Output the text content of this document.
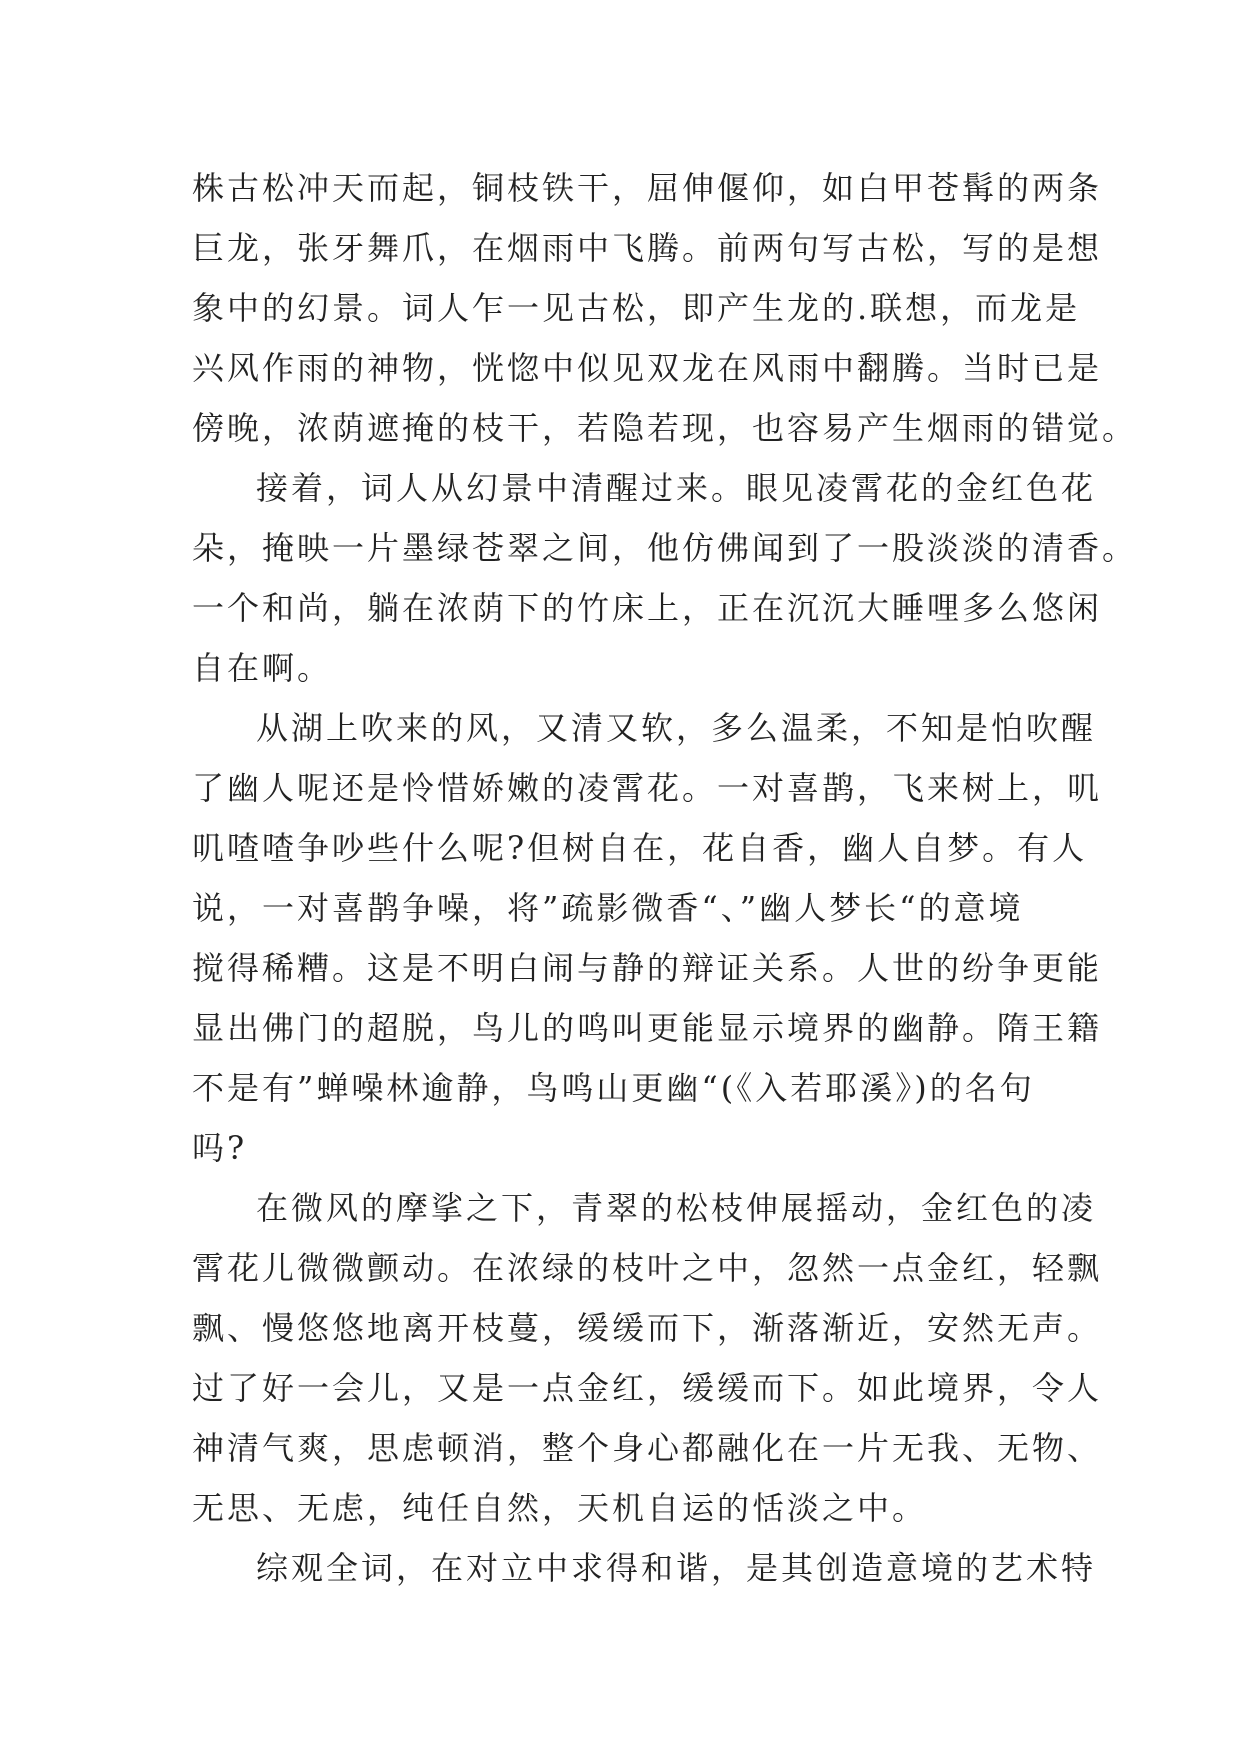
株古松冲天而起，铜枝铁干，屈伸偃仰，如白甲苍髯的两条
巨龙，张牙舞爪，在烟雨中飞腾。前两句写古松，写的是想
象中的幻景。词人乍一见古松，即产生龙的.联想，而龙是
兴风作雨的神物，恍惚中似见双龙在风雨中翻腾。当时已是
傍晚，浓荫遮掩的枝干，若隐若现，也容易产生烟雨的错觉。
接着，词人从幻景中清醒过来。眼见凌霄花的金红色花
朵，掩映一片墨绿苍翠之间，他仿佛闻到了一股淡淡的清香。
一个和尚，躺在浓荫下的竹床上，正在沉沉大睡哩多么悠闲
自在啊。
从湖上吹来的风，又清又软，多么温柔，不知是怕吹醒
了幽人呢还是怜惜娇嫩的凌霄花。一对喜鹊，飞来树上，叽
叽喳喳争吵些什么呢?但树自在，花自香，幽人自梦。有人
说，一对喜鹊争噪，将”疏影微香“、”幽人梦长“的意境
搅得稀糟。这是不明白闹与静的辩证关系。人世的纷争更能
显出佛门的超脱，鸟儿的鸣叫更能显示境界的幽静。隋王籍
不是有”蝉噪林逾静，鸟鸣山更幽“(《入若耶溪》)的名句
吗?
在微风的摩挲之下，青翠的松枝伸展摇动，金红色的凌
霄花儿微微颤动。在浓绿的枝叶之中，忽然一点金红，轻飘
飘、慢悠悠地离开枝蔓，缓缓而下，渐落渐近，安然无声。
过了好一会儿，又是一点金红，缓缓而下。如此境界，令人
神清气爽，思虑顿消，整个身心都融化在一片无我、无物、
无思、无虑，纯任自然，天机自运的恬淡之中。
综观全词，在对立中求得和谐，是其创造意境的艺术特
